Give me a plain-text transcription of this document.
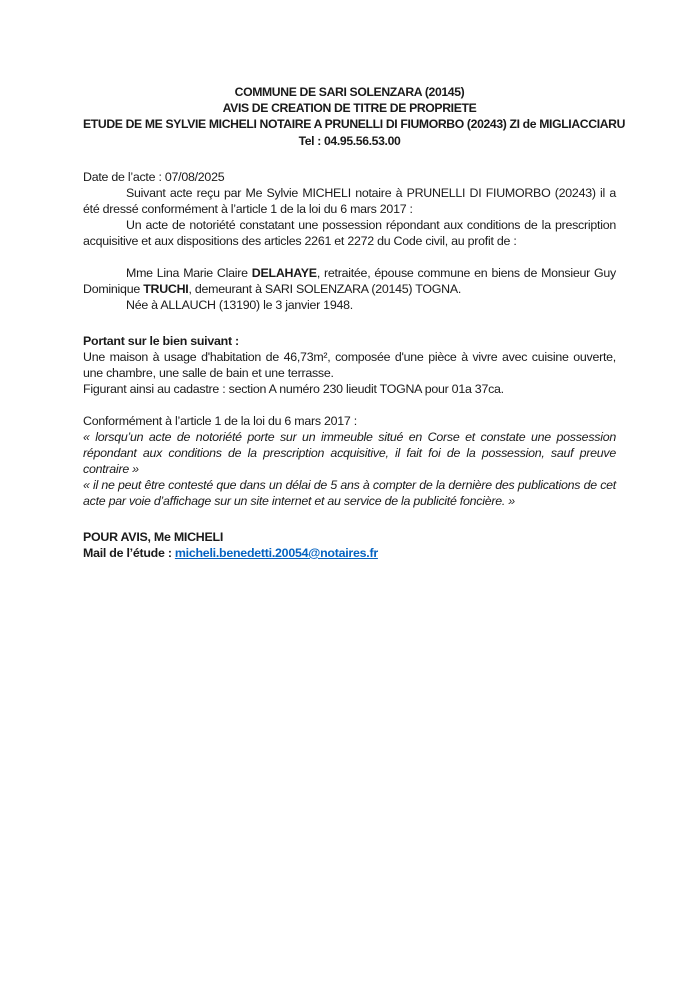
COMMUNE DE SARI SOLENZARA (20145)
AVIS DE CREATION DE TITRE DE PROPRIETE
ETUDE DE ME SYLVIE MICHELI NOTAIRE A PRUNELLI DI FIUMORBO (20243) ZI de MIGLIACCIARU
Tel : 04.95.56.53.00

Date de l’acte : 07/08/2025

Suivant acte reçu par Me Sylvie MICHELI notaire à PRUNELLI DI FIUMORBO (20243) il a été dressé conformément à l’article 1 de la loi du 6 mars 2017 :

Un acte de notoriété constatant une possession répondant aux conditions de la prescription acquisitive et aux dispositions des articles 2261 et 2272 du Code civil, au profit de :

Mme Lina Marie Claire DELAHAYE, retraitée, épouse commune en biens de Monsieur Guy Dominique TRUCHI, demeurant à SARI SOLENZARA (20145) TOGNA.

Née à ALLAUCH (13190) le 3 janvier 1948.

Portant sur le bien suivant :

Une maison à usage d'habitation de 46,73m², composée d'une pièce à vivre avec cuisine ouverte, une chambre, une salle de bain et une terrasse.

Figurant ainsi au cadastre : section A numéro 230 lieudit TOGNA pour 01a 37ca.

Conformément à l’article 1 de la loi du 6 mars 2017 :

« lorsqu’un acte de notoriété porte sur un immeuble situé en Corse et constate une possession répondant aux conditions de la prescription acquisitive, il fait foi de la possession, sauf preuve contraire »

« il ne peut être contesté que dans un délai de 5 ans à compter de la dernière des publications de cet acte par voie d’affichage sur un site internet et au service de la publicité foncière. »

POUR AVIS, Me MICHELI

Mail de l’étude : micheli.benedetti.20054@notaires.fr
